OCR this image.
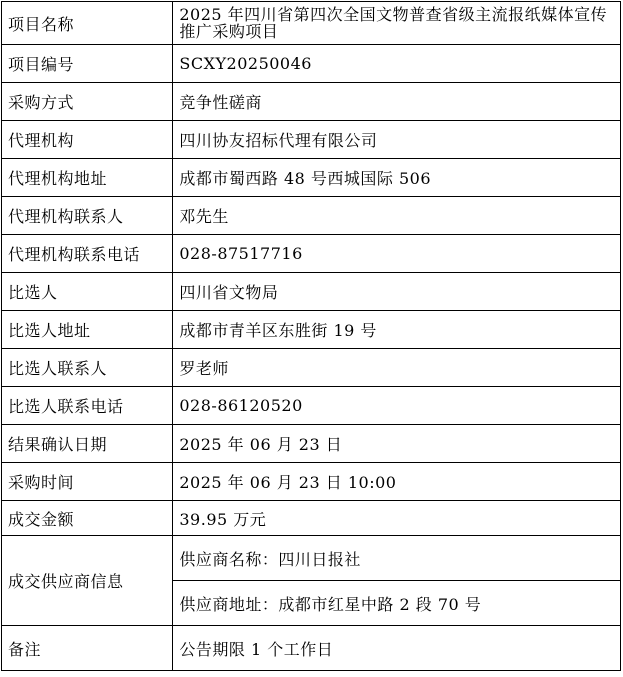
项目名称	2025 年四川省第四次全国文物普查省级主流报纸媒体宣传推广采购项目
项目编号	SCXY20250046
采购方式	竞争性磋商
代理机构	四川协友招标代理有限公司
代理机构地址	成都市蜀西路 48 号西城国际 506
代理机构联系人	邓先生
代理机构联系电话	028-87517716
比选人	四川省文物局
比选人地址	成都市青羊区东胜街 19 号
比选人联系人	罗老师
比选人联系电话	028-86120520
结果确认日期	2025 年 06 月 23 日
采购时间	2025 年 06 月 23 日 10:00
成交金额	39.95 万元
成交供应商信息	供应商名称：四川日报社
	供应商地址：成都市红星中路 2 段 70 号
备注	公告期限 1 个工作日
